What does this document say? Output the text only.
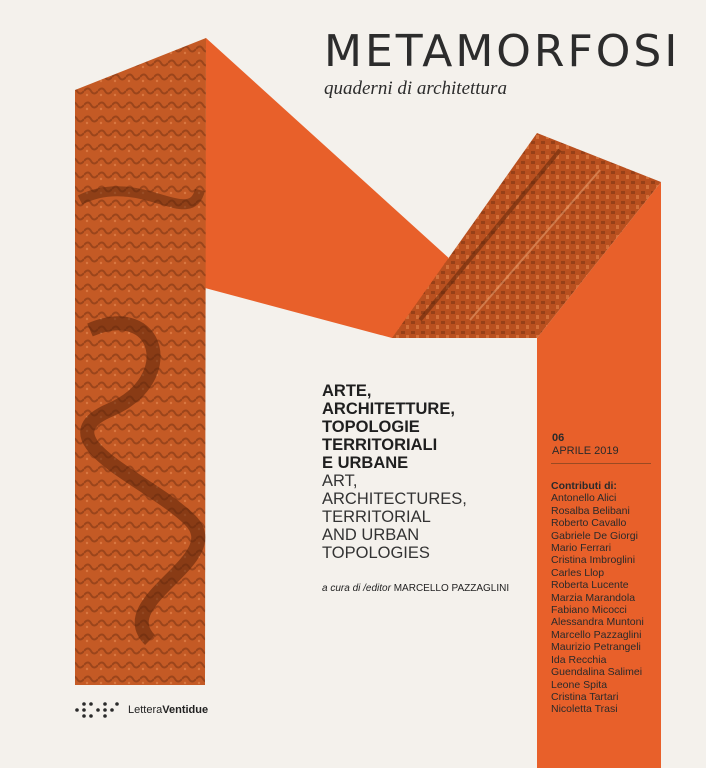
METAMORFOSI
quaderni di architettura
ARTE,
ARCHITETTURE,
TOPOLOGIE
TERRITORIALI
E URBANE
ART,
ARCHITECTURES,
TERRITORIAL
AND URBAN
TOPOLOGIES
a cura di /editor MARCELLO PAZZAGLINI
06
APRILE 2019
Contributi di:
Antonello Alici
Rosalba Belibani
Roberto Cavallo
Gabriele De Giorgi
Mario Ferrari
Cristina Imbroglini
Carles Llop
Roberta Lucente
Marzia Marandola
Fabiano Micocci
Alessandra Muntoni
Marcello Pazzaglini
Maurizio Petrangeli
Ida Recchia
Guendalina Salimei
Leone Spita
Cristina Tartari
Nicoletta Trasi
LetteraVentidue
